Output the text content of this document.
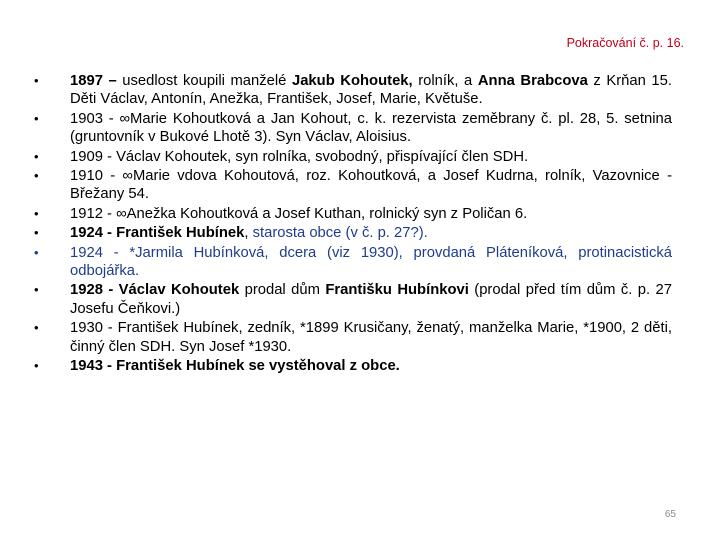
Pokračování č. p. 16.
• 1897 – usedlost koupili manželé Jakub Kohoutek, rolník, a Anna Brabcova z Krňan 15. Děti Václav, Antonín, Anežka, František, Josef, Marie, Květuše.
• 1903 - ∞Marie Kohoutková a Jan Kohout, c. k. rezervista zeměbrany č. pl. 28, 5. setnina (gruntovník v Bukové Lhotě 3). Syn Václav, Aloisius.
• 1909 - Václav Kohoutek, syn rolníka, svobodný, přispívající člen SDH.
• 1910 - ∞Marie vdova Kohoutová, roz. Kohoutková, a Josef Kudrna, rolník, Vazovnice - Břežany 54.
• 1912 - ∞Anežka Kohoutková a Josef Kuthan, rolnický syn z Poličan 6.
• 1924 - František Hubínek, starosta obce (v č. p. 27?).
• 1924 - *Jarmila Hubínková, dcera (viz 1930), provdaná Pláteníková, protinacistická odbojářka.
• 1928 - Václav Kohoutek prodal dům Františku Hubínkovi (prodal před tím dům č. p. 27 Josefu Čeňkovi.)
• 1930 - František Hubínek, zedník, *1899 Krusičany, ženatý, manželka Marie, *1900, 2 děti, činný člen SDH. Syn Josef *1930.
• 1943 - František Hubínek se vystěhoval z obce.
65
